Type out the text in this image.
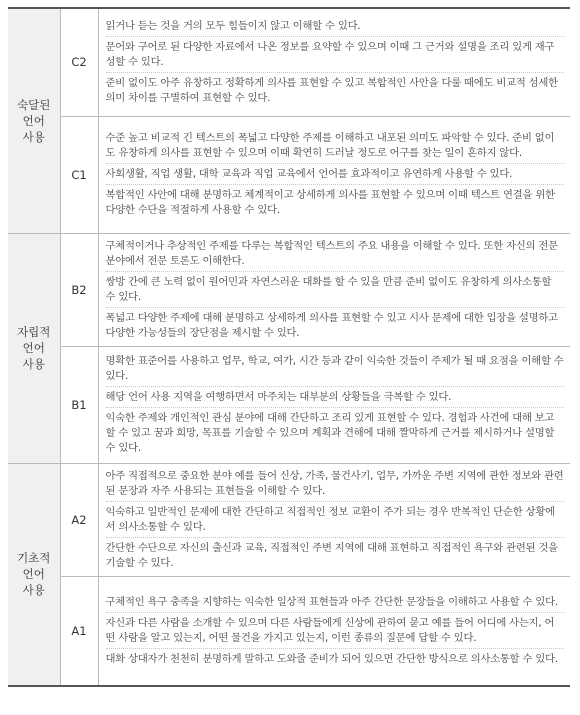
숙달된 언어 사용	C2	읽거나 듣는 것을 거의 모두 힘들이지 않고 이해할 수 있다.

문어와 구어로 된 다양한 자료에서 나온 정보를 요약할 수 있으며 이때 그 근거와 설명을 조리 있게 재구성할 수 있다.

준비 없이도 아주 유창하고 정확하게 의사를 표현할 수 있고 복합적인 사안을 다룰 때에도 비교적 섬세한 의미 차이를 구별하여 표현할 수 있다.

	C1	수준 높고 비교적 긴 텍스트의 폭넓고 다양한 주제를 이해하고 내포된 의미도 파악할 수 있다. 준비 없이도 유창하게 의사를 표현할 수 있으며 이때 확연히 드러날 정도로 어구를 찾는 일이 흔하지 않다.

사회생활, 직업 생활, 대학 교육과 직업 교육에서 언어를 효과적이고 유연하게 사용할 수 있다.

복합적인 사안에 대해 분명하고 체계적이고 상세하게 의사를 표현할 수 있으며 이때 텍스트 연결을 위한 다양한 수단을 적절하게 사용할 수 있다.

자립적 언어 사용	B2	구체적이거나 추상적인 주제를 다루는 복합적인 텍스트의 주요 내용을 이해할 수 있다. 또한 자신의 전문 분야에서 전문 토론도 이해한다.

쌍방 간에 큰 노력 없이 원어민과 자연스러운 대화를 할 수 있을 만큼 준비 없이도 유창하게 의사소통할 수 있다.

폭넓고 다양한 주제에 대해 분명하고 상세하게 의사를 표현할 수 있고 시사 문제에 대한 입장을 설명하고 다양한 가능성들의 장단점을 제시할 수 있다.

	B1	명확한 표준어를 사용하고 업무, 학교, 여가, 시간 등과 같이 익숙한 것들이 주제가 될 때 요점을 이해할 수 있다.

해당 언어 사용 지역을 여행하면서 마주치는 대부분의 상황들을 극복할 수 있다.

익숙한 주제와 개인적인 관심 분야에 대해 간단하고 조리 있게 표현할 수 있다. 경험과 사건에 대해 보고할 수 있고 꿈과 희망, 목표를 기술할 수 있으며 계획과 견해에 대해 짤막하게 근거를 제시하거나 설명할 수 있다.

기초적 언어 사용	A2	아주 직접적으로 중요한 분야 예를 들어 신상, 가족, 물건사기, 업무, 가까운 주변 지역에 관한 정보와 관련된 문장과 자주 사용되는 표현들을 이해할 수 있다.

익숙하고 일반적인 문제에 대한 간단하고 직접적인 정보 교환이 주가 되는 경우 반복적인 단순한 상황에서 의사소통할 수 있다.

간단한 수단으로 자신의 출신과 교육, 직접적인 주변 지역에 대해 표현하고 직접적인 욕구와 관련된 것을 기술할 수 있다.

	A1	구체적인 욕구 충족을 지향하는 익숙한 일상적 표현들과 아주 간단한 문장들을 이해하고 사용할 수 있다.

자신과 다른 사람을 소개할 수 있으며 다른 사람들에게 신상에 관하여 묻고 예를 들어 어디에 사는지, 어떤 사람을 알고 있는지, 어떤 물건을 가지고 있는지, 이런 종류의 질문에 답할 수 있다.

대화 상대자가 천천히 분명하게 말하고 도와줄 준비가 되어 있으면 간단한 방식으로 의사소통할 수 있다.
